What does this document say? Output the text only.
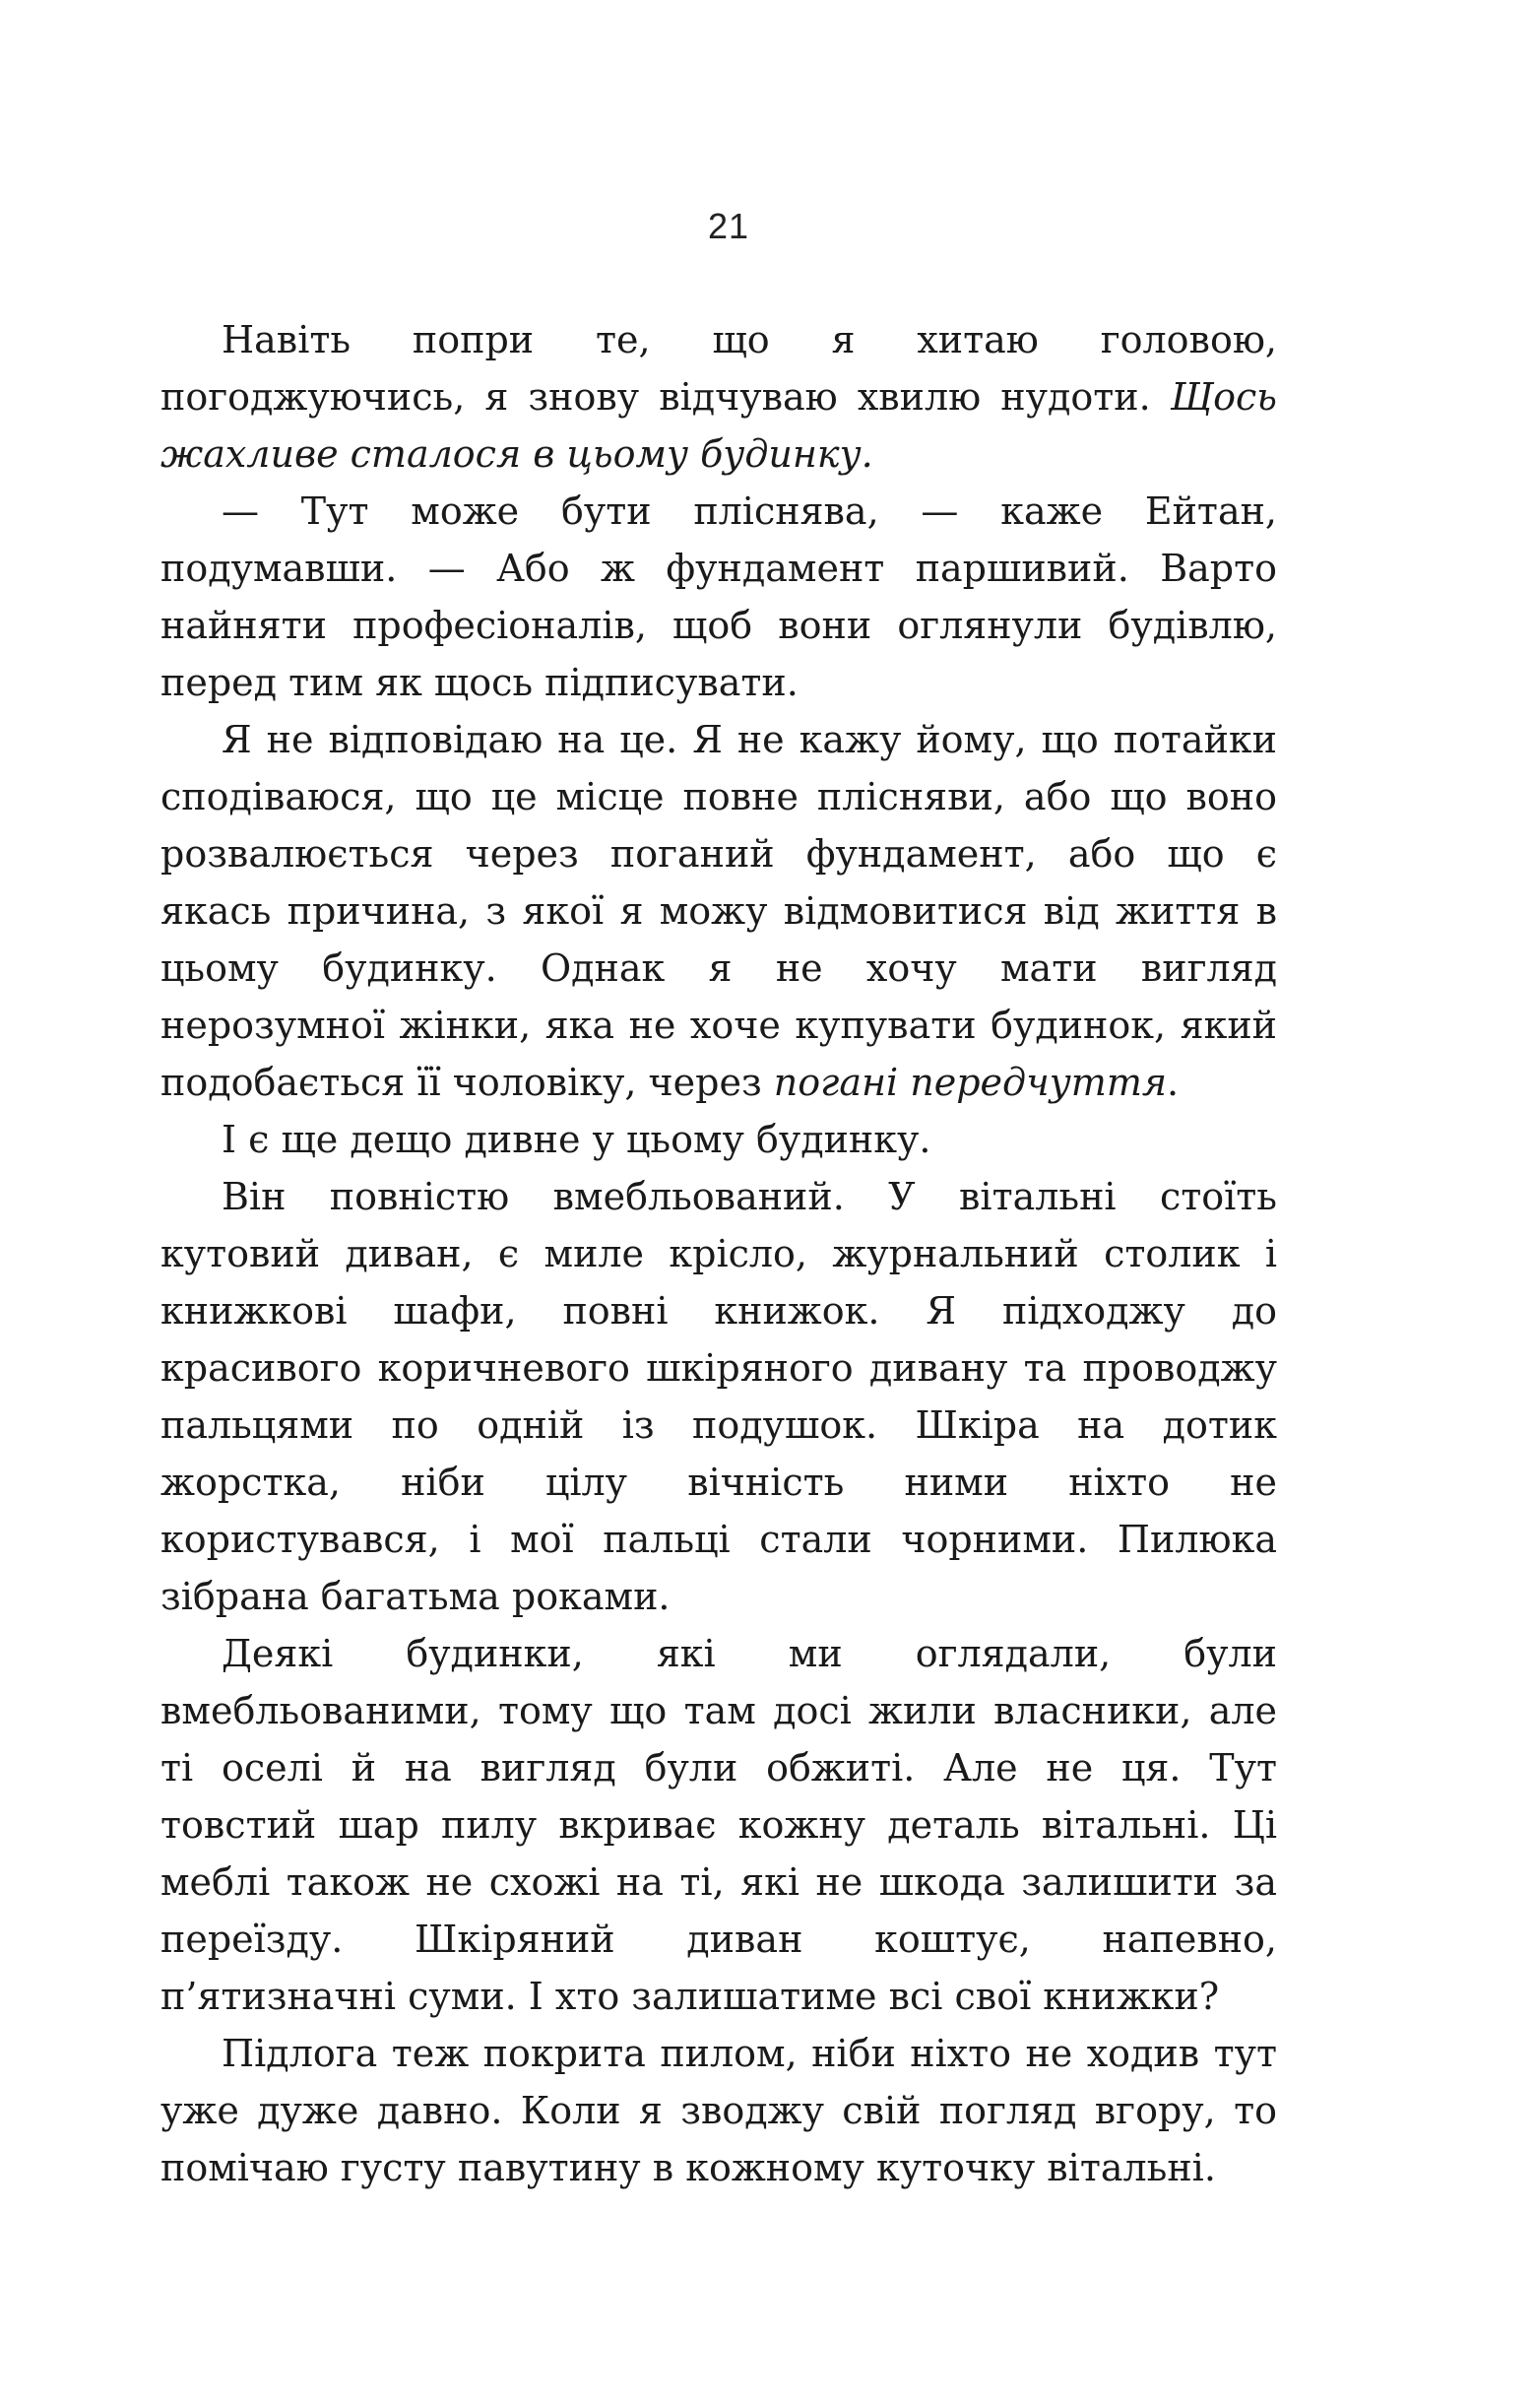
21

Навіть попри те, що я хитаю головою, погоджуючись, я знову відчуваю хвилю нудоти. Щось жахливе сталося в цьому будинку.

— Тут може бути пліснява, — каже Ейтан, подумавши. — Або ж фундамент паршивий. Варто найняти професіоналів, щоб вони оглянули будівлю, перед тим як щось підписувати.

Я не відповідаю на це. Я не кажу йому, що потайки сподіваюся, що це місце повне плісняви, або що воно розвалюється через поганий фундамент, або що є якась причина, з якої я можу відмовитися від життя в цьому будинку. Однак я не хочу мати вигляд нерозумної жінки, яка не хоче купувати будинок, який подобається її чоловіку, через погані передчуття.

І є ще дещо дивне у цьому будинку.

Він повністю вмебльований. У вітальні стоїть кутовий диван, є миле крісло, журнальний столик і книжкові шафи, повні книжок. Я підходжу до красивого коричневого шкіряного дивану та проводжу пальцями по одній із подушок. Шкіра на дотик жорстка, ніби цілу вічність ними ніхто не користувався, і мої пальці стали чорними. Пилюка зібрана багатьма роками.

Деякі будинки, які ми оглядали, були вмебльованими, тому що там досі жили власники, але ті оселі й на вигляд були обжиті. Але не ця. Тут товстий шар пилу вкриває кожну деталь вітальні. Ці меблі також не схожі на ті, які не шкода залишити за переїзду. Шкіряний диван коштує, напевно, п’ятизначні суми. І хто залишатиме всі свої книжки?

Підлога теж покрита пилом, ніби ніхто не ходив тут уже дуже давно. Коли я зводжу свій погляд вгору, то помічаю густу павутину в кожному куточку вітальні.
